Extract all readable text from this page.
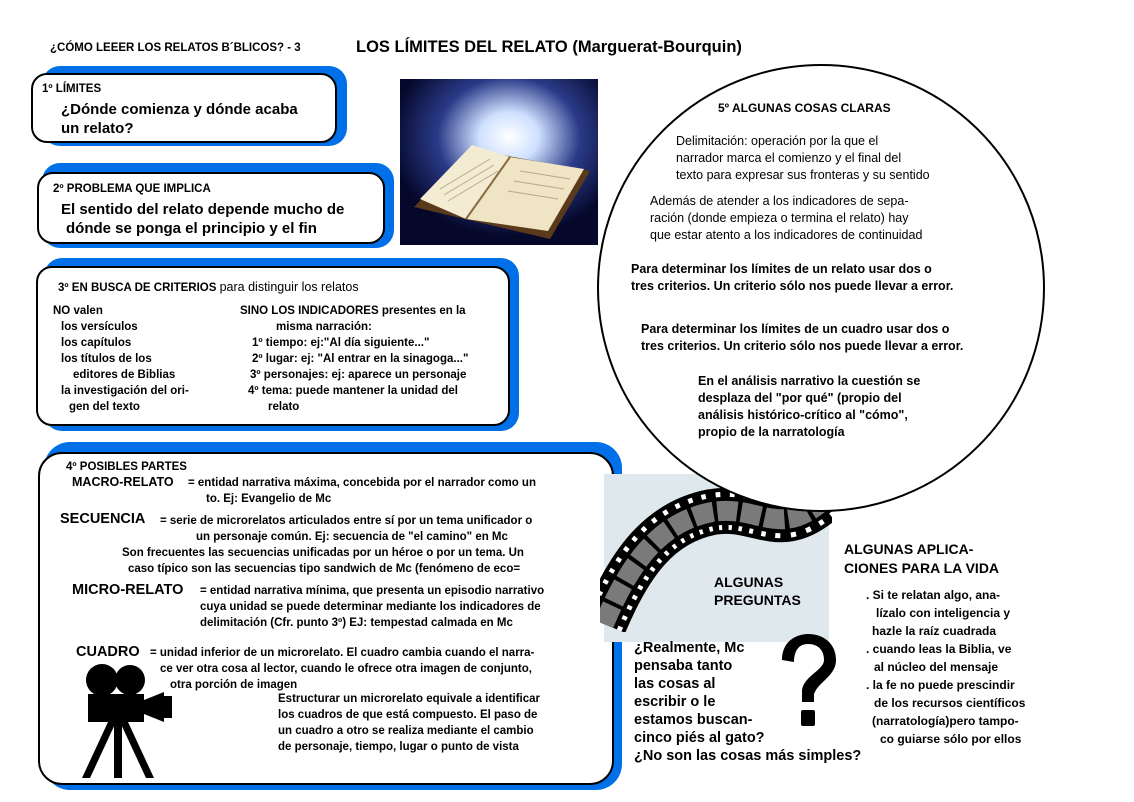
¿CÓMO LEEER LOS RELATOS B´BLICOS? - 3	LOS LÍMITES DEL RELATO (Marguerat-Bourquin)
1º LÍMITES
¿Dónde comienza y dónde acaba
un relato?
2º PROBLEMA QUE IMPLICA
El sentido del relato depende mucho de
dónde se ponga el principio y el fin
3º EN BUSCA DE CRITERIOS para distinguir los relatos
NO valen
los versículos
los capítulos
los títulos de los
editores de Biblias
la investigación del ori-
gen del texto
SINO LOS INDICADORES presentes en la
misma narración:
1º tiempo: ej:"Al día siguiente..."
2º lugar: ej: "Al entrar en la sinagoga..."
3º personajes: ej: aparece un personaje
4º tema: puede mantener la unidad del
relato
4º POSIBLES PARTES
MACRO-RELATO = entidad narrativa máxima, concebida por el narrador como un
to. Ej: Evangelio de Mc
SECUENCIA = serie de microrelatos articulados entre sí por un tema unificador o
un personaje común. Ej: secuencia de "el camino" en Mc
Son frecuentes las secuencias unificadas por un héroe o por un tema. Un
caso típico son las secuencias tipo sandwich de Mc (fenómeno de eco=
MICRO-RELATO = entidad narrativa mínima, que presenta un episodio narrativo
cuya unidad se puede determinar mediante los indicadores de
delimitación (Cfr. punto 3º) EJ: tempestad calmada en Mc
CUADRO = unidad inferior de un microrelato. El cuadro cambia cuando el narra-
ce ver otra cosa al lector, cuando le ofrece otra imagen de conjunto,
otra porción de imagen
Estructurar un microrelato equivale a identificar
los cuadros de que está compuesto. El paso de
un cuadro a otro se realiza mediante el cambio
de personaje, tiempo, lugar o punto de vista
ALGUNAS
PREGUNTAS
¿Realmente, Mc
pensaba tanto
las cosas al
escribir o le
estamos buscan-
cinco piés al gato?
¿No son las cosas más simples?
ALGUNAS APLICA-
CIONES PARA LA VIDA
. Si te relatan algo, ana-
lízalo con inteligencia y
hazle la raíz cuadrada
. cuando leas la Biblia, ve
al núcleo del mensaje
. la fe no puede prescindir
de los recursos científicos
(narratología)pero tampo-
co guiarse sólo por ellos
5º ALGUNAS COSAS CLARAS
Delimitación: operación por la que el
narrador marca el comienzo y el final del
texto para expresar sus fronteras y su sentido
Además de atender a los indicadores de sepa-
ración (donde empieza o termina el relato) hay
que estar atento a los indicadores de continuidad
Para determinar los límites de un relato usar dos o
tres criterios. Un criterio sólo nos puede llevar a error.
Para determinar los límites de un cuadro usar dos o
tres criterios. Un criterio sólo nos puede llevar a error.
En el análisis narrativo la cuestión se
desplaza del "por qué" (propio del
análisis histórico-crítico al "cómo",
propio de la narratología
